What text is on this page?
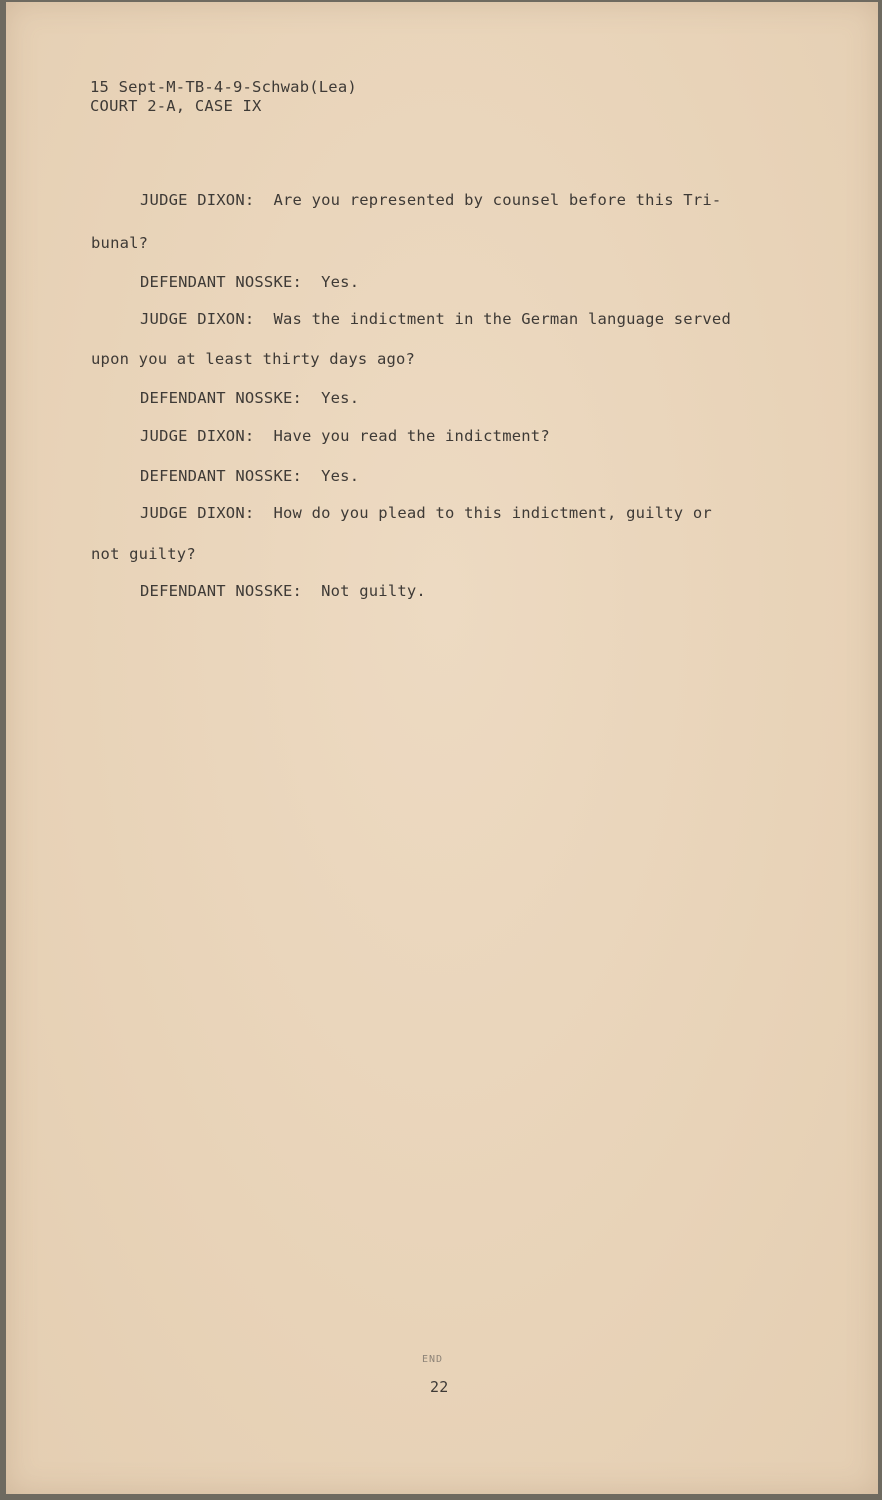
15 Sept-M-TB-4-9-Schwab(Lea)
COURT 2-A, CASE IX
JUDGE DIXON:  Are you represented by counsel before this Tri-
bunal?
DEFENDANT NOSSKE:  Yes.
JUDGE DIXON:  Was the indictment in the German language served
upon you at least thirty days ago?
DEFENDANT NOSSKE:  Yes.
JUDGE DIXON:  Have you read the indictment?
DEFENDANT NOSSKE:  Yes.
JUDGE DIXON:  How do you plead to this indictment, guilty or
not guilty?
DEFENDANT NOSSKE:  Not guilty.
END
22
